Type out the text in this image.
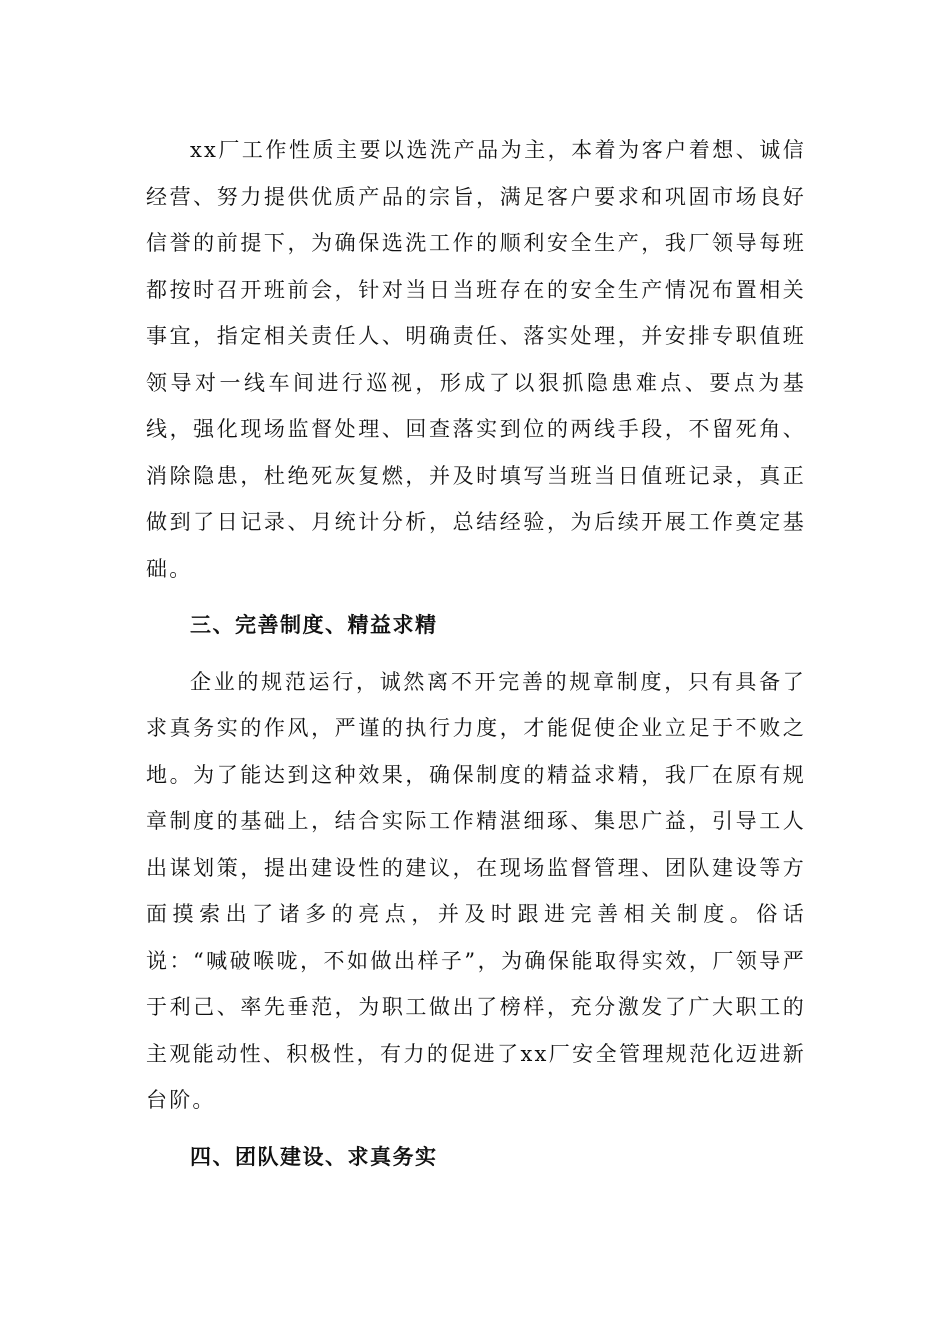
xx厂工作性质主要以选洗产品为主，本着为客户着想、诚信经营、努力提供优质产品的宗旨，满足客户要求和巩固市场良好信誉的前提下，为确保选洗工作的顺利安全生产，我厂领导每班都按时召开班前会，针对当日当班存在的安全生产情况布置相关事宜，指定相关责任人、明确责任、落实处理，并安排专职值班领导对一线车间进行巡视，形成了以狠抓隐患难点、要点为基线，强化现场监督处理、回查落实到位的两线手段，不留死角、消除隐患，杜绝死灰复燃，并及时填写当班当日值班记录，真正做到了日记录、月统计分析，总结经验，为后续开展工作奠定基础。

三、完善制度、精益求精

企业的规范运行，诚然离不开完善的规章制度，只有具备了求真务实的作风，严谨的执行力度，才能促使企业立足于不败之地。为了能达到这种效果，确保制度的精益求精，我厂在原有规章制度的基础上，结合实际工作精湛细琢、集思广益，引导工人出谋划策，提出建设性的建议，在现场监督管理、团队建设等方面摸索出了诸多的亮点，并及时跟进完善相关制度。俗话说：“喊破喉咙，不如做出样子”，为确保能取得实效，厂领导严于利己、率先垂范，为职工做出了榜样，充分激发了广大职工的主观能动性、积极性，有力的促进了xx厂安全管理规范化迈进新台阶。

四、团队建设、求真务实
